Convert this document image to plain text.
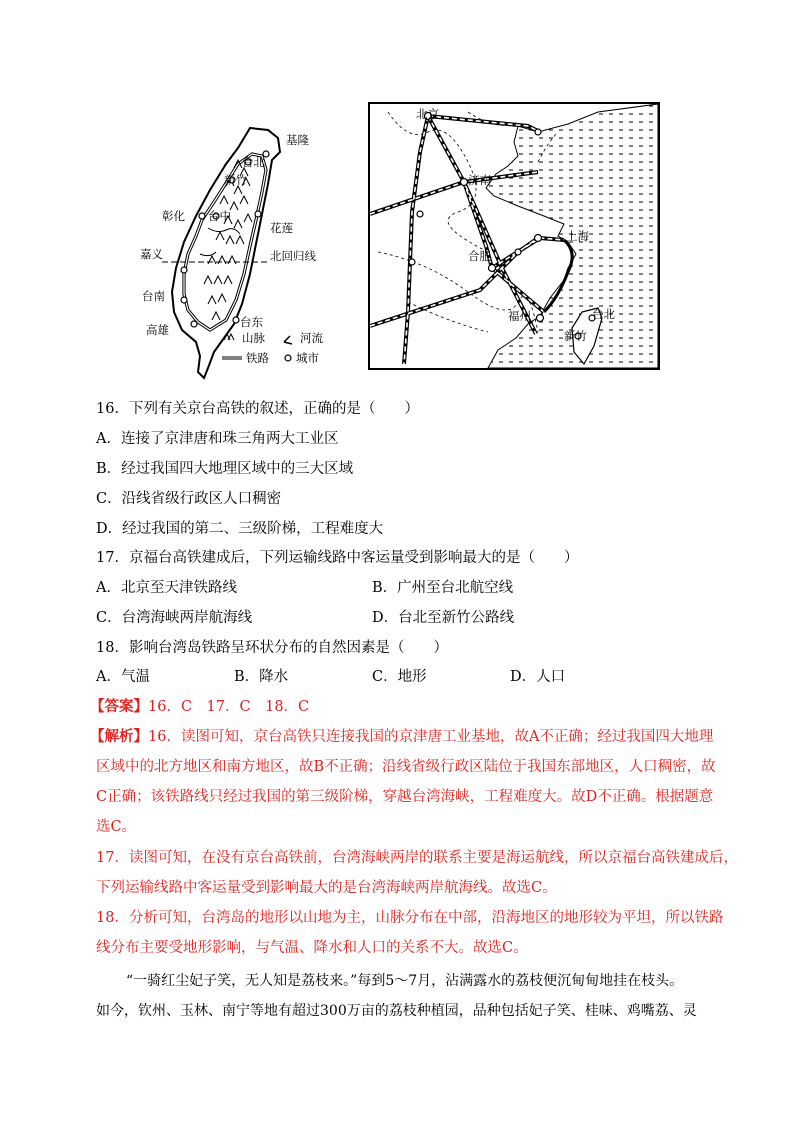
基隆
台北
新竹
彰化 台中
花莲
嘉义	北回归线
台南
台东
高雄
山脉	河流
铁路 城市
北京
济南
上海
合肥
福州	台北
新竹
16．下列有关京台高铁的叙述，正确的是（　　）
A．连接了京津唐和珠三角两大工业区
B．经过我国四大地理区域中的三大区域
C．沿线省级行政区人口稠密
D．经过我国的第二、三级阶梯，工程难度大
17．京福台高铁建成后，下列运输线路中客运量受到影响最大的是（　　）
A．北京至天津铁路线	B．广州至台北航空线
C．台湾海峡两岸航海线	D．台北至新竹公路线
18．影响台湾岛铁路呈环状分布的自然因素是（　　）
A．气温	B．降水	C．地形	D．人口
【答案】16．C　17．C　18．C
【解析】16．读图可知，京台高铁只连接我国的京津唐工业基地，故A不正确；经过我国四大地理
区域中的北方地区和南方地区，故B不正确；沿线省级行政区陆位于我国东部地区，人口稠密，故
C正确；该铁路线只经过我国的第三级阶梯，穿越台湾海峡，工程难度大。故D不正确。根据题意
选C。
17．读图可知，在没有京台高铁前，台湾海峡两岸的联系主要是海运航线，所以京福台高铁建成后，
下列运输线路中客运量受到影响最大的是台湾海峡两岸航海线。故选C。
18．分析可知，台湾岛的地形以山地为主，山脉分布在中部，沿海地区的地形较为平坦，所以铁路
线分布主要受地形影响，与气温、降水和人口的关系不大。故选C。
“一骑红尘妃子笑，无人知是荔枝来。”每到5～7月，沾满露水的荔枝便沉甸甸地挂在枝头。
如今，钦州、玉林、南宁等地有超过300万亩的荔枝种植园，品种包括妃子笑、桂味、鸡嘴荔、灵
